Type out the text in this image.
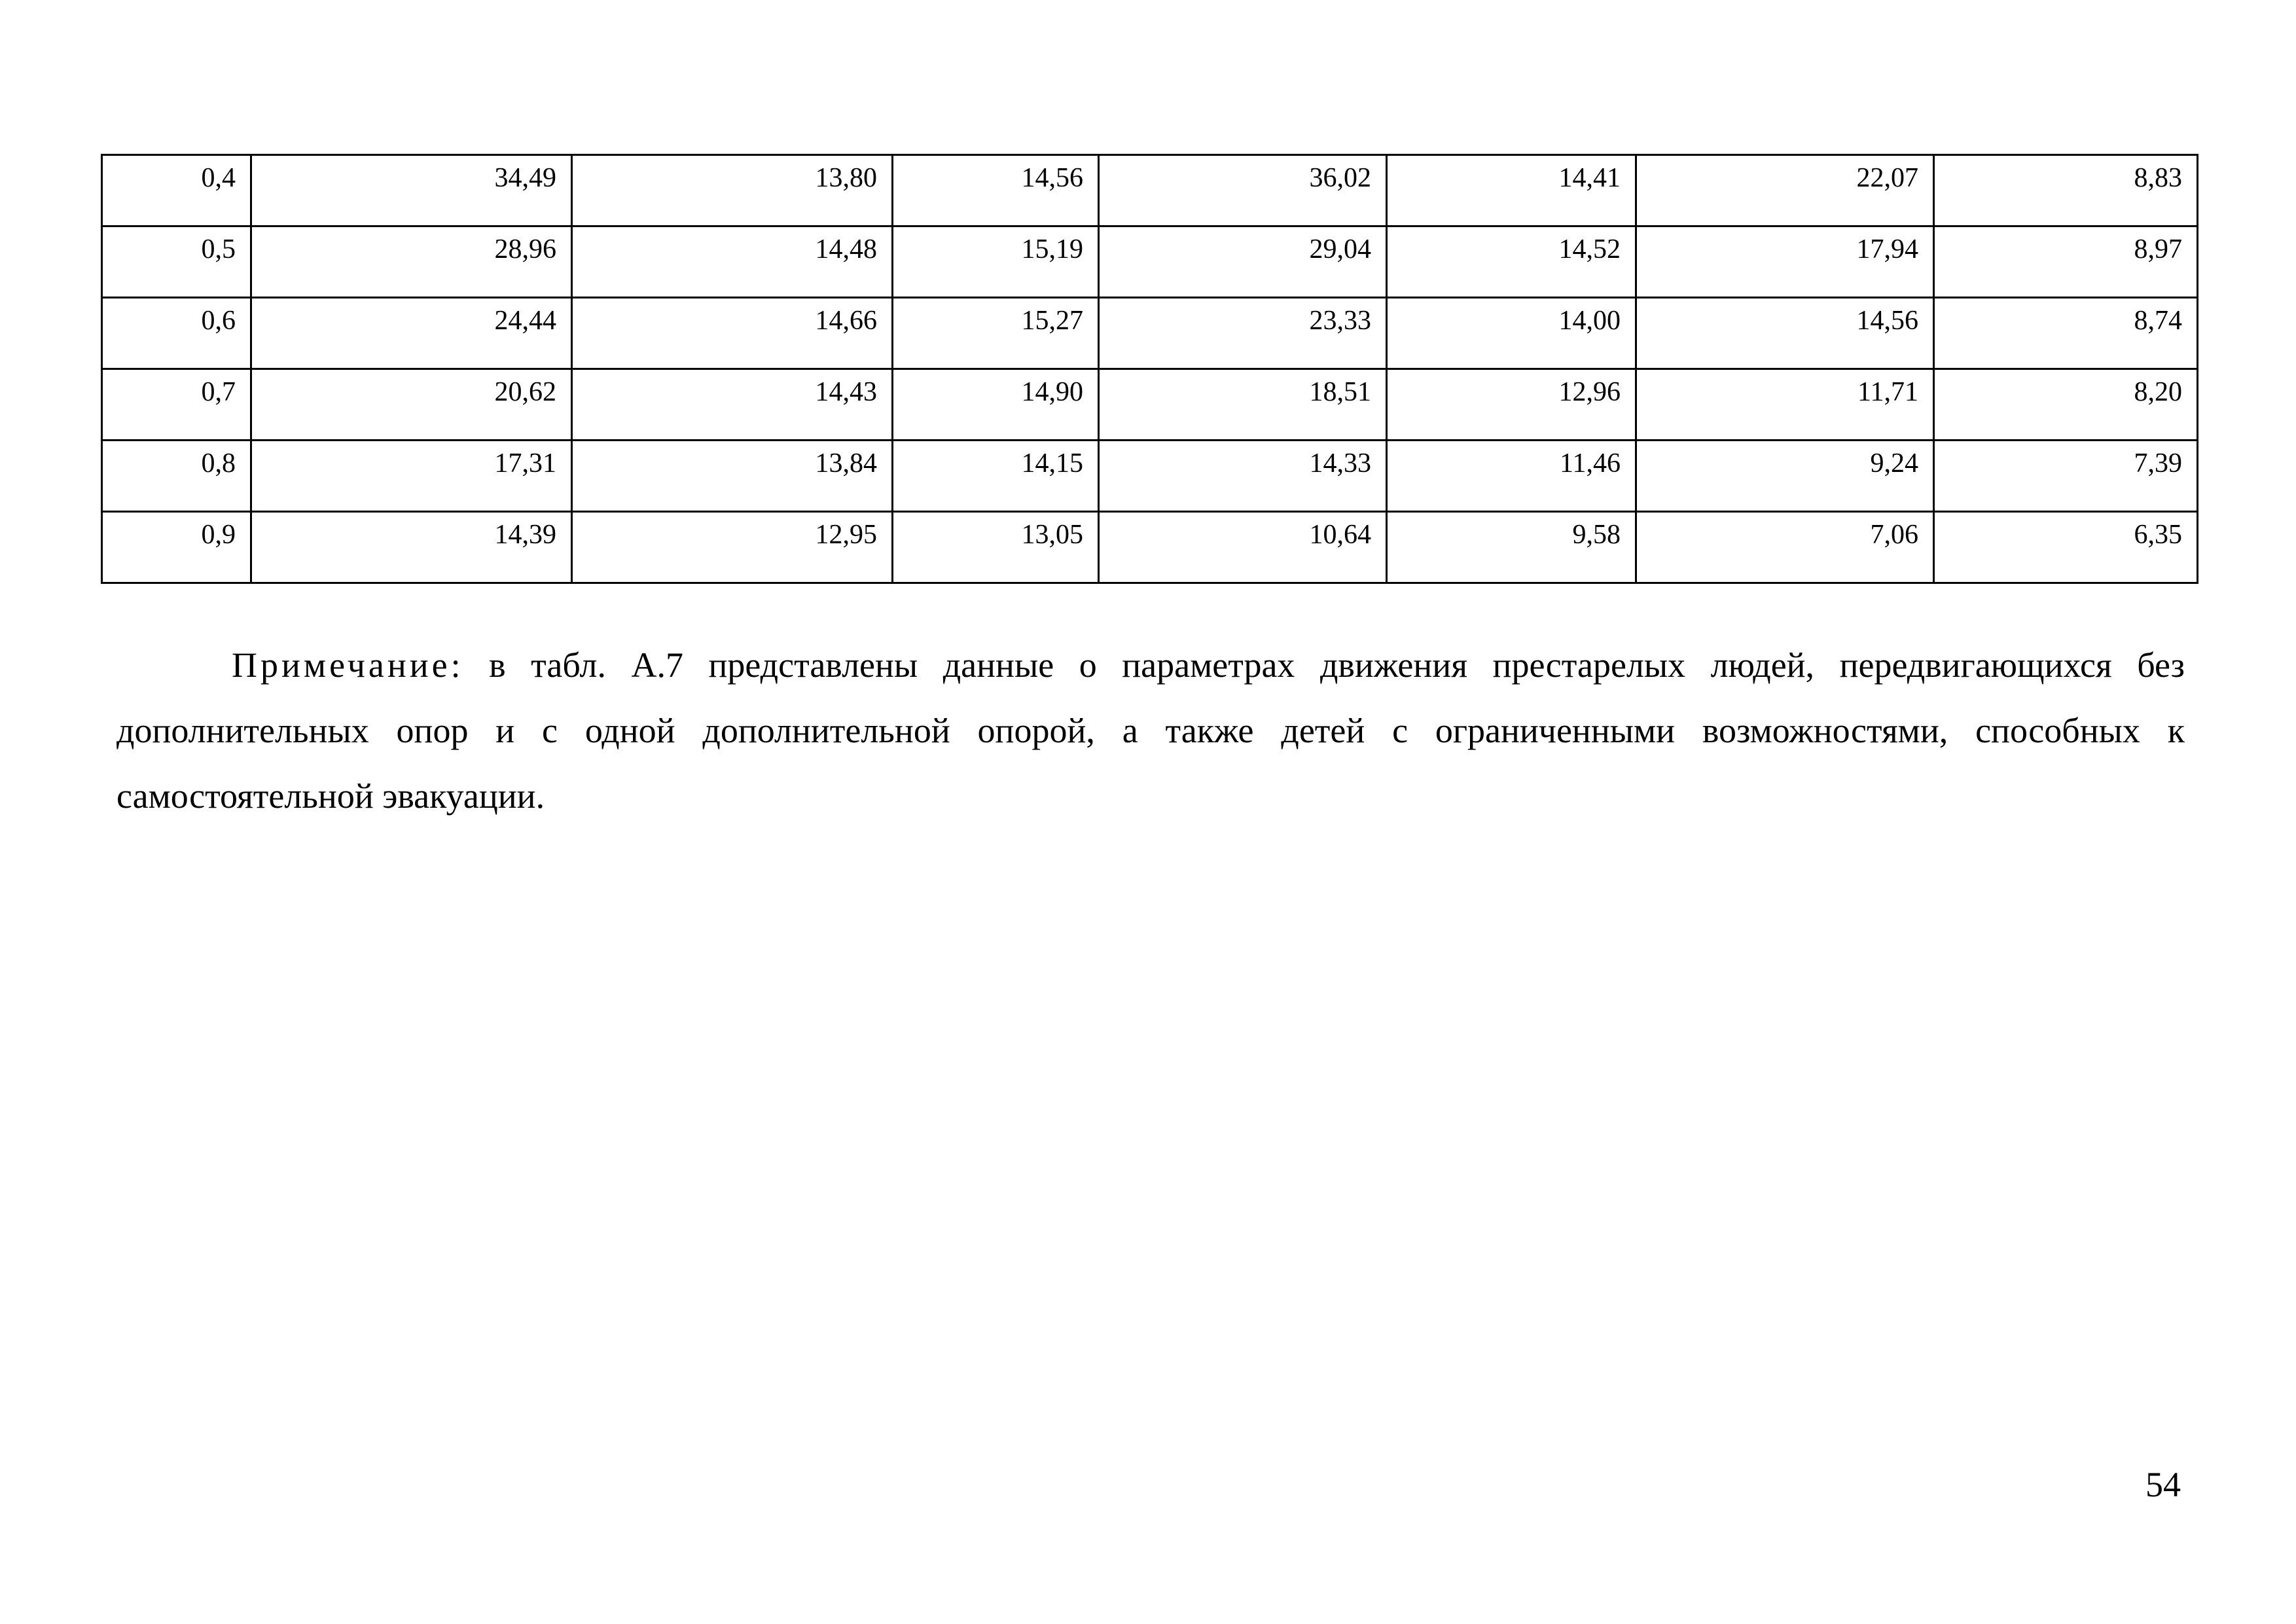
0,4	34,49	13,80	14,56	36,02	14,41	22,07	8,83
0,5	28,96	14,48	15,19	29,04	14,52	17,94	8,97
0,6	24,44	14,66	15,27	23,33	14,00	14,56	8,74
0,7	20,62	14,43	14,90	18,51	12,96	11,71	8,20
0,8	17,31	13,84	14,15	14,33	11,46	9,24	7,39
0,9	14,39	12,95	13,05	10,64	9,58	7,06	6,35

Примечание: в табл. А.7 представлены данные о параметрах движения престарелых людей, передвигающихся без дополнительных опор и с одной дополнительной опорой, а также детей с ограниченными возможностями, способных к самостоятельной эвакуации.

54
